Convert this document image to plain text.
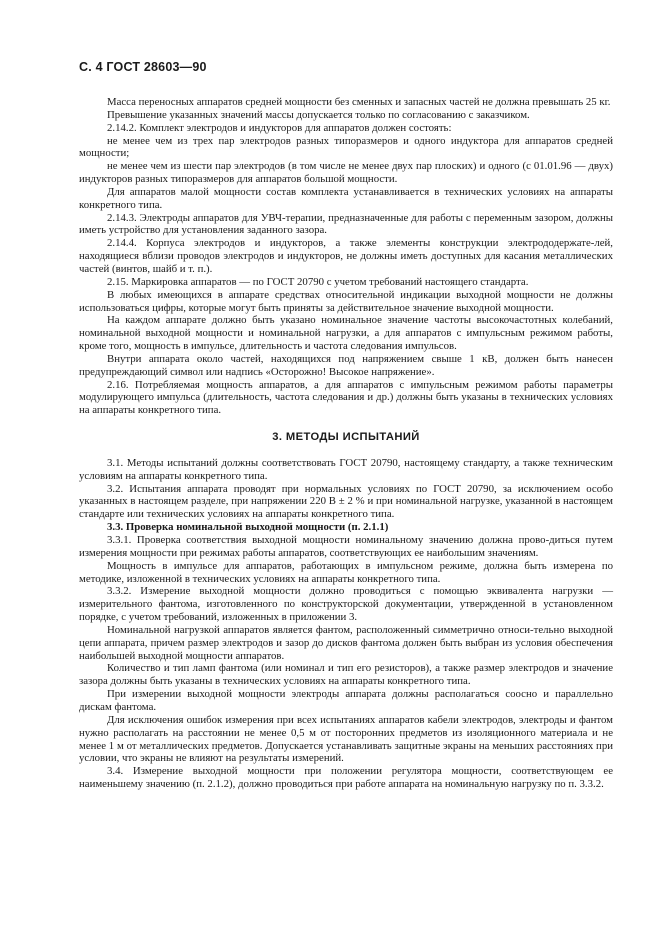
С. 4 ГОСТ 28603—90

Масса переносных аппаратов средней мощности без сменных и запасных частей не должна превышать 25 кг.

Превышение указанных значений массы допускается только по согласованию с заказчиком.

2.14.2. Комплект электродов и индукторов для аппаратов должен состоять:

не менее чем из трех пар электродов разных типоразмеров и одного индуктора для аппаратов средней мощности;

не менее чем из шести пар электродов (в том числе не менее двух пар плоских) и одного (с 01.01.96 — двух) индукторов разных типоразмеров для аппаратов большой мощности.

Для аппаратов малой мощности состав комплекта устанавливается в технических условиях на аппараты конкретного типа.

2.14.3. Электроды аппаратов для УВЧ-терапии, предназначенные для работы с переменным зазором, должны иметь устройство для установления заданного зазора.

2.14.4. Корпуса электродов и индукторов, а также элементы конструкции электрододержате-лей, находящиеся вблизи проводов электродов и индукторов, не должны иметь доступных для касания металлических частей (винтов, шайб и т. п.).

2.15. Маркировка аппаратов — по ГОСТ 20790 с учетом требований настоящего стандарта.

В любых имеющихся в аппарате средствах относительной индикации выходной мощности не должны использоваться цифры, которые могут быть приняты за действительное значение выходной мощности.

На каждом аппарате должно быть указано номинальное значение частоты высокочастотных колебаний, номинальной выходной мощности и номинальной нагрузки, а для аппаратов с импульсным режимом работы, кроме того, мощность в импульсе, длительность и частота следования импульсов.

Внутри аппарата около частей, находящихся под напряжением свыше 1 кВ, должен быть нанесен предупреждающий символ или надпись «Осторожно! Высокое напряжение».

2.16. Потребляемая мощность аппаратов, а для аппаратов с импульсным режимом работы параметры модулирующего импульса (длительность, частота следования и др.) должны быть указаны в технических условиях на аппараты конкретного типа.

3. МЕТОДЫ ИСПЫТАНИЙ

3.1. Методы испытаний должны соответствовать ГОСТ 20790, настоящему стандарту, а также техническим условиям на аппараты конкретного типа.

3.2. Испытания аппарата проводят при нормальных условиях по ГОСТ 20790, за исключением особо указанных в настоящем разделе, при напряжении 220 В ± 2 % и при номинальной нагрузке, указанной в настоящем стандарте или технических условиях на аппараты конкретного типа.

3.3. Проверка номинальной выходной мощности (п. 2.1.1)

3.3.1. Проверка соответствия выходной мощности номинальному значению должна прово-диться путем измерения мощности при режимах работы аппаратов, соответствующих ее наибольшим значениям.

Мощность в импульсе для аппаратов, работающих в импульсном режиме, должна быть измерена по методике, изложенной в технических условиях на аппараты конкретного типа.

3.3.2. Измерение выходной мощности должно проводиться с помощью эквивалента нагрузки — измерительного фантома, изготовленного по конструкторской документации, утвержденной в установленном порядке, с учетом требований, изложенных в приложении 3.

Номинальной нагрузкой аппаратов является фантом, расположенный симметрично относи-тельно выходной цепи аппарата, причем размер электродов и зазор до дисков фантома должен быть выбран из условия обеспечения наибольшей выходной мощности аппаратов.

Количество и тип ламп фантома (или номинал и тип его резисторов), а также размер электродов и значение зазора должны быть указаны в технических условиях на аппараты конкретного типа.

При измерении выходной мощности электроды аппарата должны располагаться соосно и параллельно дискам фантома.

Для исключения ошибок измерения при всех испытаниях аппаратов кабели электродов, электроды и фантом нужно располагать на расстоянии не менее 0,5 м от посторонних предметов из изоляционного материала и не менее 1 м от металлических предметов. Допускается устанавливать защитные экраны на меньших расстояниях при условии, что экраны не влияют на результаты измерений.

3.4. Измерение выходной мощности при положении регулятора мощности, соответствующем ее наименьшему значению (п. 2.1.2), должно проводиться при работе аппарата на номинальную нагрузку по п. 3.3.2.
